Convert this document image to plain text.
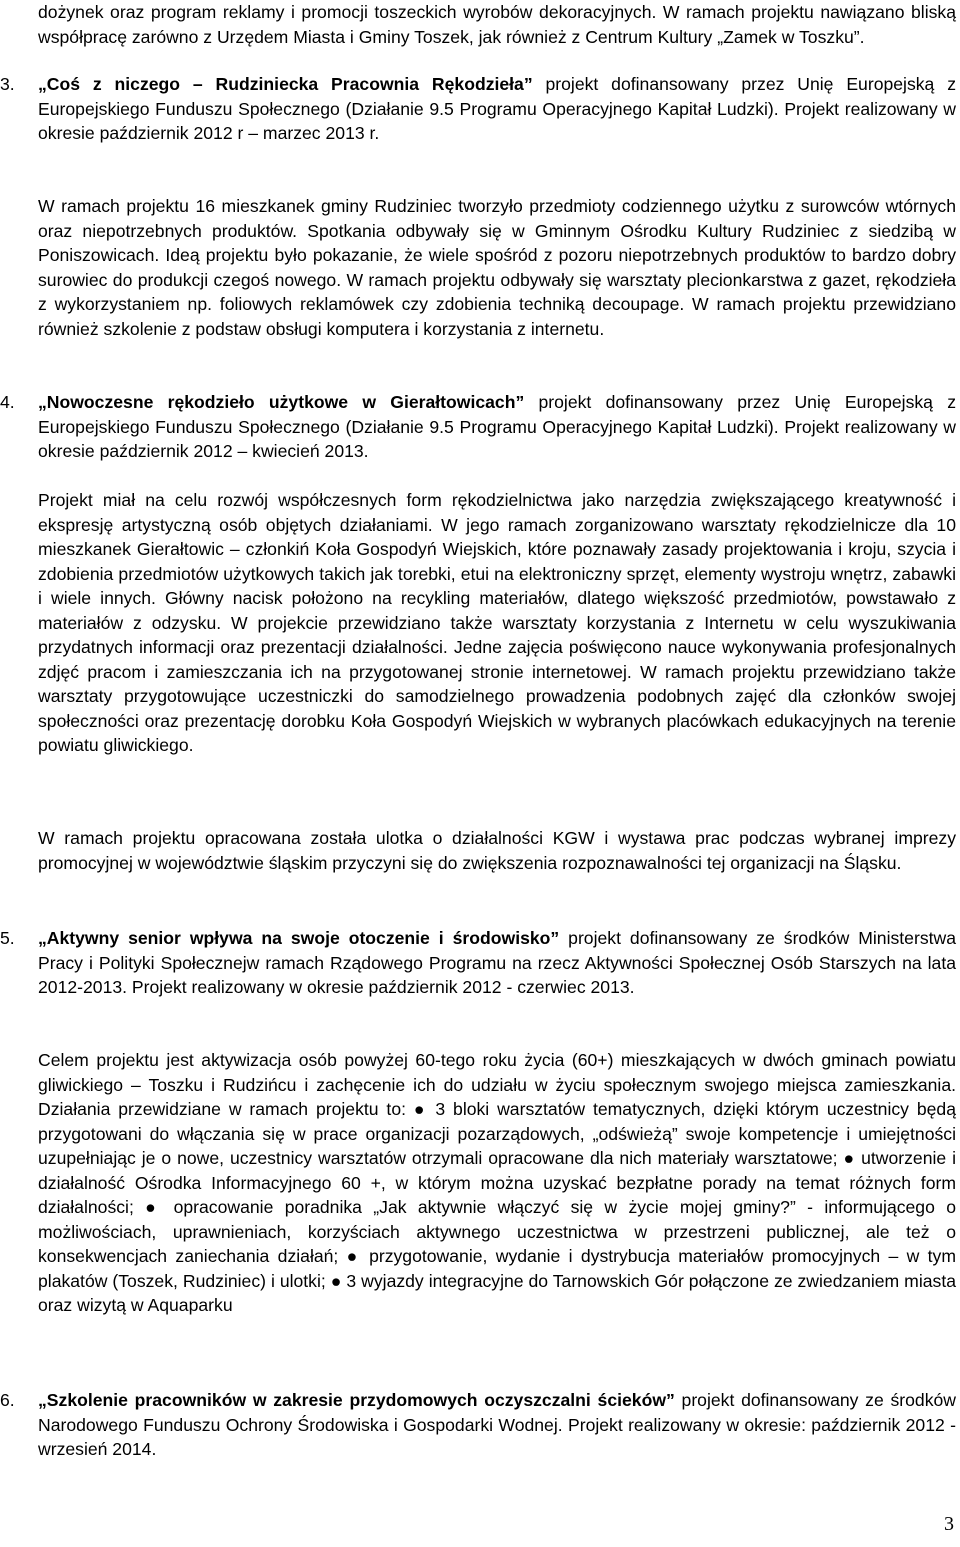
dożynek oraz program reklamy i promocji toszeckich wyrobów dekoracyjnych. W ramach projektu nawiązano bliską współpracę zarówno z Urzędem Miasta i Gminy Toszek, jak również z Centrum Kultury „Zamek w Toszku”.

3. „Coś z niczego – Rudziniecka Pracownia Rękodzieła” projekt dofinansowany przez Unię Europejską z Europejskiego Funduszu Społecznego (Działanie 9.5 Programu Operacyjnego Kapitał Ludzki). Projekt realizowany w okresie październik 2012 r – marzec 2013 r.

W ramach projektu 16 mieszkanek gminy Rudziniec tworzyło przedmioty codziennego użytku z surowców wtórnych oraz niepotrzebnych produktów. Spotkania odbywały się w Gminnym Ośrodku Kultury Rudziniec z siedzibą w Poniszowicach. Ideą projektu było pokazanie, że wiele spośród z pozoru niepotrzebnych produktów to bardzo dobry surowiec do produkcji czegoś nowego. W ramach projektu odbywały się warsztaty plecionkarstwa z gazet, rękodzieła z wykorzystaniem np. foliowych reklamówek czy zdobienia techniką decoupage. W ramach projektu przewidziano również szkolenie z podstaw obsługi komputera i korzystania z internetu.

4. „Nowoczesne rękodzieło użytkowe w Gierałtowicach” projekt dofinansowany przez Unię Europejską z Europejskiego Funduszu Społecznego (Działanie 9.5 Programu Operacyjnego Kapitał Ludzki). Projekt realizowany w okresie październik 2012 – kwiecień 2013.

Projekt miał na celu rozwój współczesnych form rękodzielnictwa jako narzędzia zwiększającego kreatywność i ekspresję artystyczną osób objętych działaniami. W jego ramach zorganizowano warsztaty rękodzielnicze dla 10 mieszkanek Gierałtowic – członkiń Koła Gospodyń Wiejskich, które poznawały zasady projektowania i kroju, szycia i zdobienia przedmiotów użytkowych takich jak torebki, etui na elektroniczny sprzęt, elementy wystroju wnętrz, zabawki i wiele innych. Główny nacisk położono na recykling materiałów, dlatego większość przedmiotów, powstawało z materiałów z odzysku. W projekcie przewidziano także warsztaty korzystania z Internetu w celu wyszukiwania przydatnych informacji oraz prezentacji działalności. Jedne zajęcia poświęcono nauce wykonywania profesjonalnych zdjęć pracom i zamieszczania ich na przygotowanej stronie internetowej. W ramach projektu przewidziano także warsztaty przygotowujące uczestniczki do samodzielnego prowadzenia podobnych zajęć dla członków swojej społeczności oraz prezentację dorobku Koła Gospodyń Wiejskich w wybranych placówkach edukacyjnych na terenie powiatu gliwickiego.

W ramach projektu opracowana została ulotka o działalności KGW i wystawa prac podczas wybranej imprezy promocyjnej w województwie śląskim przyczyni się do zwiększenia rozpoznawalności tej organizacji na Śląsku.

5. „Aktywny senior wpływa na swoje otoczenie i środowisko” projekt dofinansowany ze środków Ministerstwa Pracy i Polityki Społecznejw ramach Rządowego Programu na rzecz Aktywności Społecznej Osób Starszych na lata 2012-2013. Projekt realizowany w okresie październik 2012 - czerwiec 2013.

Celem projektu jest aktywizacja osób powyżej 60-tego roku życia (60+) mieszkających w dwóch gminach powiatu gliwickiego – Toszku i Rudzińcu i zachęcenie ich do udziału w życiu społecznym swojego miejsca zamieszkania. Działania przewidziane w ramach projektu to: ● 3 bloki warsztatów tematycznych, dzięki którym uczestnicy będą przygotowani do włączania się w prace organizacji pozarządowych, „odświeżą” swoje kompetencje i umiejętności uzupełniając je o nowe, uczestnicy warsztatów otrzymali opracowane dla nich materiały warsztatowe; ● utworzenie i działalność Ośrodka Informacyjnego 60 +, w którym można uzyskać bezpłatne porady na temat różnych form działalności; ● opracowanie poradnika „Jak aktywnie włączyć się w życie mojej gminy?” - informującego o możliwościach, uprawnieniach, korzyściach aktywnego uczestnictwa w przestrzeni publicznej, ale też o konsekwencjach zaniechania działań; ● przygotowanie, wydanie i dystrybucja materiałów promocyjnych – w tym plakatów (Toszek, Rudziniec) i ulotki; ● 3 wyjazdy integracyjne do Tarnowskich Gór połączone ze zwiedzaniem miasta oraz wizytą w Aquaparku

6. „Szkolenie pracowników w zakresie przydomowych oczyszczalni ścieków” projekt dofinansowany ze środków Narodowego Funduszu Ochrony Środowiska i Gospodarki Wodnej. Projekt realizowany w okresie: październik 2012 - wrzesień 2014.
3
